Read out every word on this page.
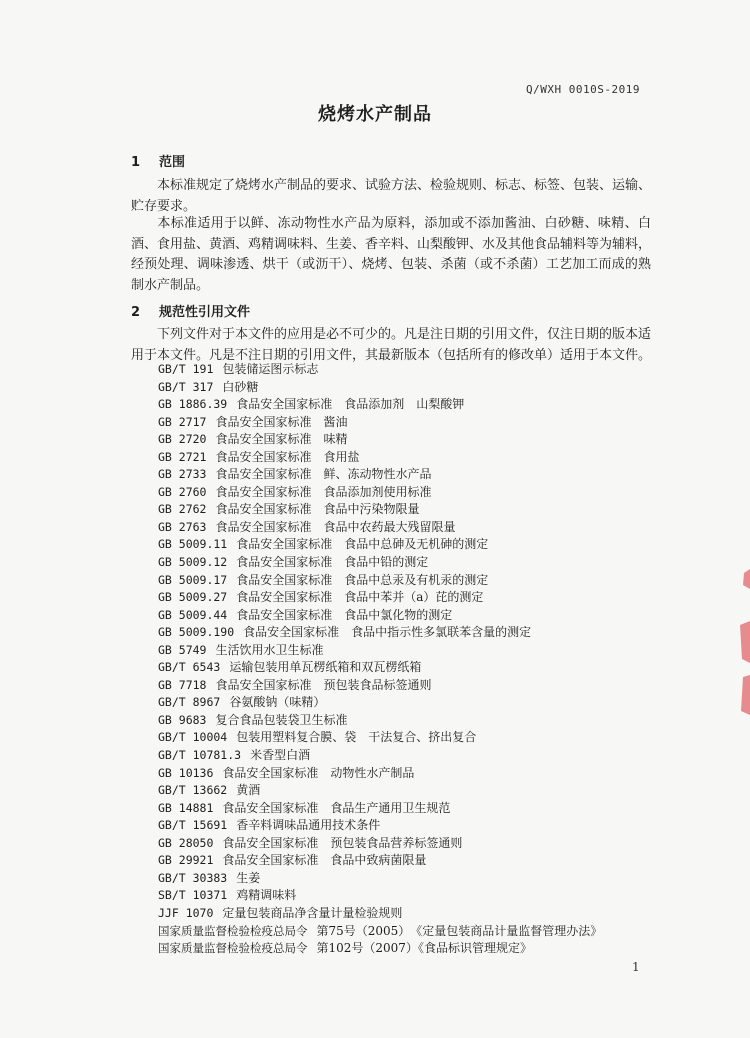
Q/WXH 0010S-2019
烧烤水产制品
1 范围
本标准规定了烧烤水产制品的要求、试验方法、检验规则、标志、标签、包装、运输、贮存要求。
本标准适用于以鲜、冻动物性水产品为原料，添加或不添加酱油、白砂糖、味精、白酒、食用盐、黄酒、鸡精调味料、生姜、香辛料、山梨酸钾、水及其他食品辅料等为辅料，经预处理、调味渗透、烘干（或沥干）、烧烤、包装、杀菌（或不杀菌）工艺加工而成的熟制水产制品。
2 规范性引用文件
下列文件对于本文件的应用是必不可少的。凡是注日期的引用文件，仅注日期的版本适用于本文件。凡是不注日期的引用文件，其最新版本（包括所有的修改单）适用于本文件。
GB/T 191 包装储运图示标志
GB/T 317 白砂糖
GB 1886.39 食品安全国家标准　食品添加剂　山梨酸钾
GB 2717 食品安全国家标准　酱油
GB 2720 食品安全国家标准　味精
GB 2721 食品安全国家标准　食用盐
GB 2733 食品安全国家标准　鲜、冻动物性水产品
GB 2760 食品安全国家标准　食品添加剂使用标准
GB 2762 食品安全国家标准　食品中污染物限量
GB 2763 食品安全国家标准　食品中农药最大残留限量
GB 5009.11 食品安全国家标准　食品中总砷及无机砷的测定
GB 5009.12 食品安全国家标准　食品中铅的测定
GB 5009.17 食品安全国家标准　食品中总汞及有机汞的测定
GB 5009.27 食品安全国家标准　食品中苯并（a）芘的测定
GB 5009.44 食品安全国家标准　食品中氯化物的测定
GB 5009.190 食品安全国家标准　食品中指示性多氯联苯含量的测定
GB 5749 生活饮用水卫生标准
GB/T 6543 运输包装用单瓦楞纸箱和双瓦楞纸箱
GB 7718 食品安全国家标准　预包装食品标签通则
GB/T 8967 谷氨酸钠（味精）
GB 9683 复合食品包装袋卫生标准
GB/T 10004 包装用塑料复合膜、袋　干法复合、挤出复合
GB/T 10781.3 米香型白酒
GB 10136 食品安全国家标准　动物性水产制品
GB/T 13662 黄酒
GB 14881 食品安全国家标准　食品生产通用卫生规范
GB/T 15691 香辛料调味品通用技术条件
GB 28050 食品安全国家标准　预包装食品营养标签通则
GB 29921 食品安全国家标准　食品中致病菌限量
GB/T 30383 生姜
SB/T 10371 鸡精调味料
JJF 1070 定量包装商品净含量计量检验规则
国家质量监督检验检疫总局令 第75号（2005）　《定量包装商品计量监督管理办法》
国家质量监督检验检疫总局令 第102号（2007）《食品标识管理规定》
1
